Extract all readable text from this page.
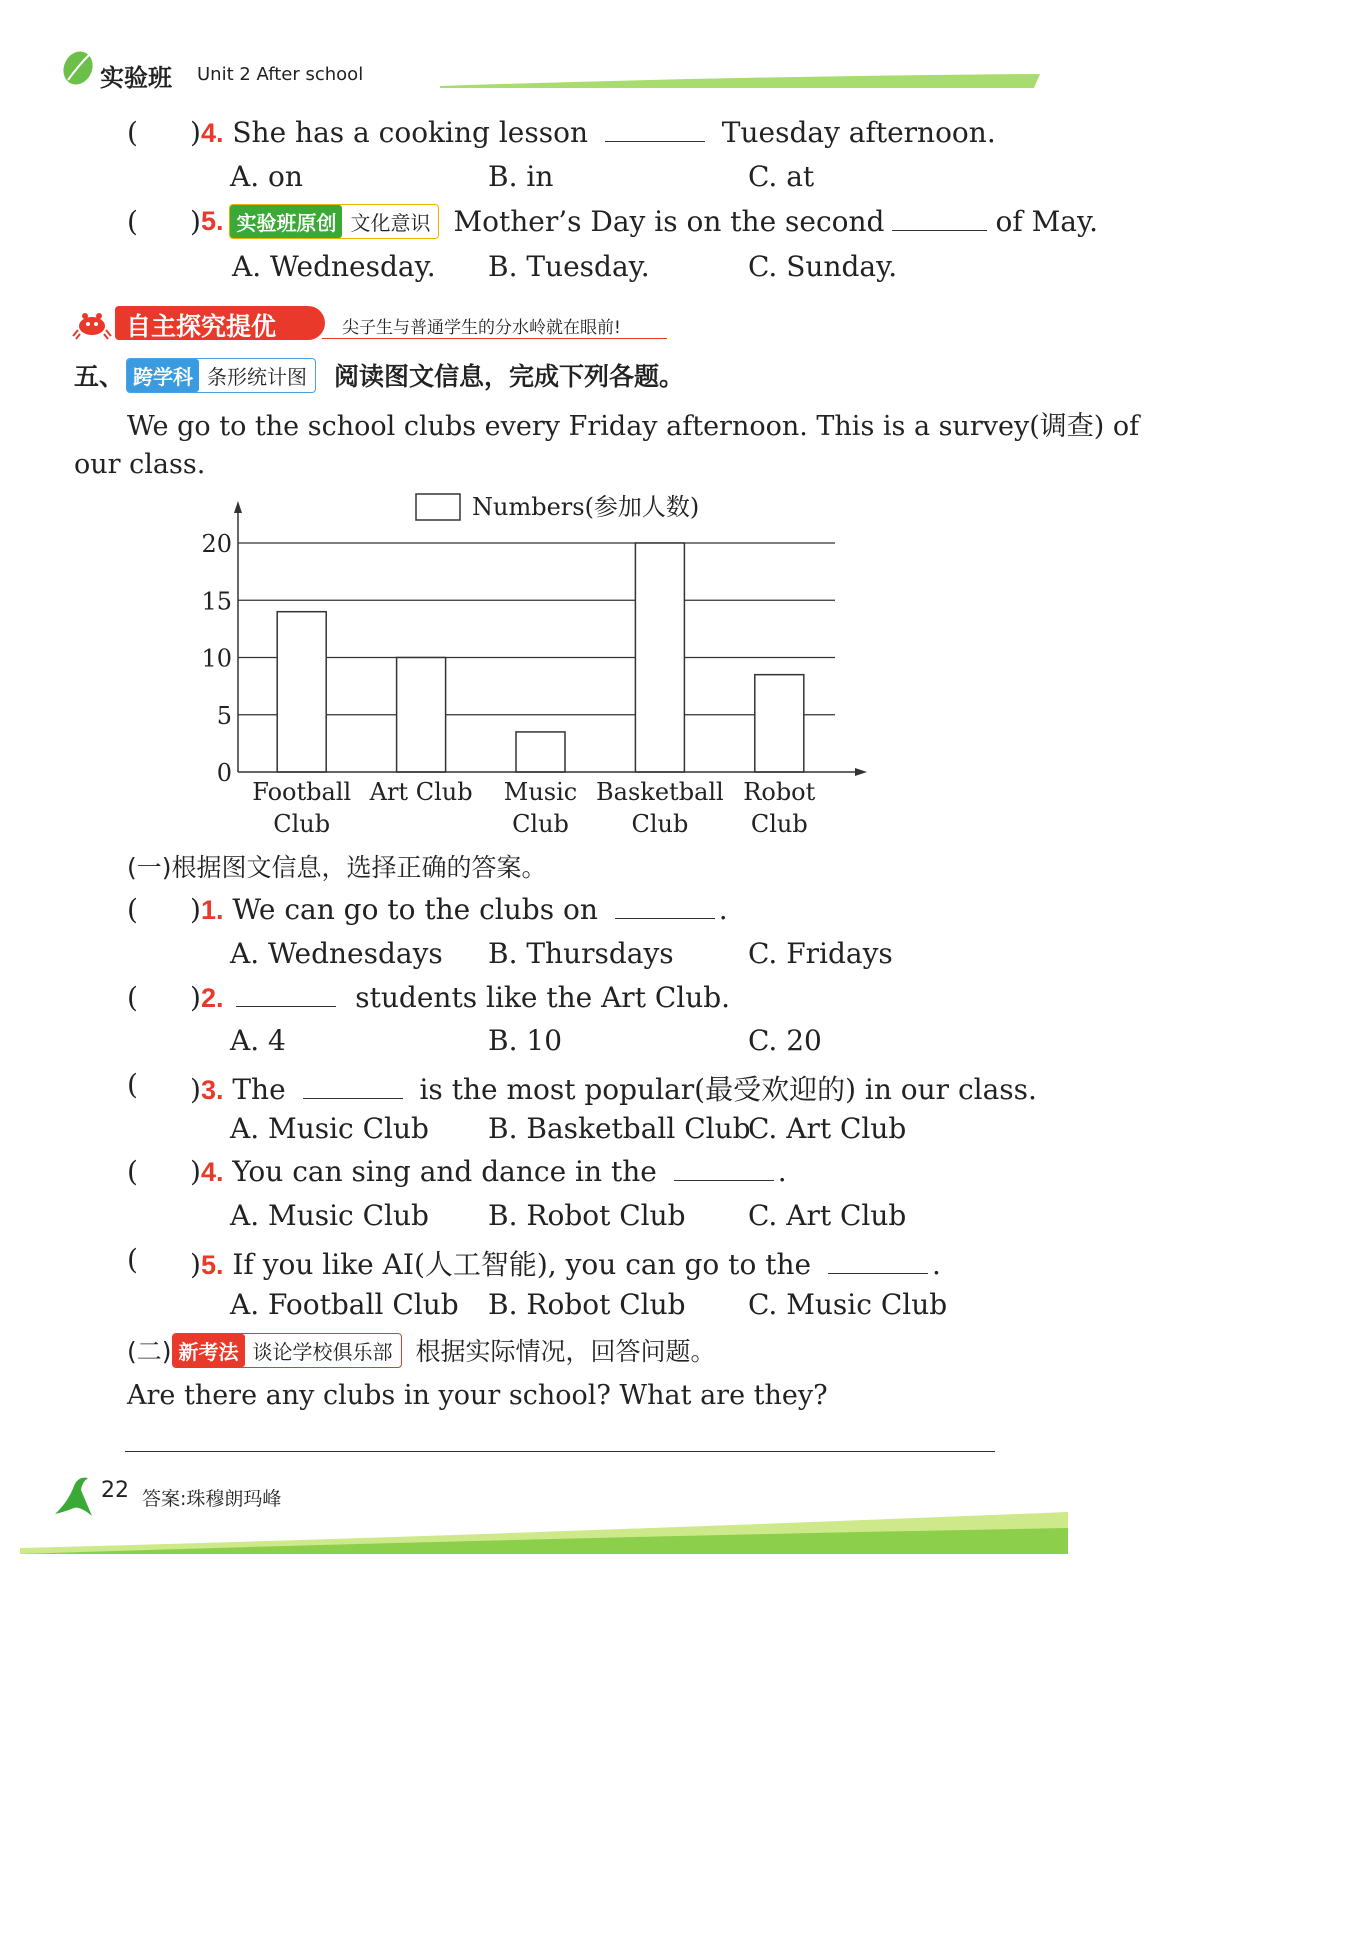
实验班 Unit 2 After school
( )4. She has a cooking lesson	Tuesday afternoon.
A. on	B. in	C. at
( ) 5. 实验班原创 文化意识 Mother’s Day is on the second	of May.
A. Wednesday. B. Tuesday.	C. Sunday.
自主探究提优	尖子生与普通学生的分水岭就在眼前!
五、 跨学科 条形统计图	阅读图文信息，完成下列各题。
We go to the school clubs every Friday afternoon. This is a survey(调查) of
our class.
Numbers(参加人数)
0
5
10
15
20
Football
Club
Art Club Music
Club
Basketball
Club
Robot
Club
(一)根据图文信息，选择正确的答案。
( )1. We can go to the clubs on	.
A. Wednesdays B. Thursdays	C. Fridays
( )2.	students like the Art Club.
A. 4	B. 10	C. 20
( )3. The	is the most popular(最受欢迎的) in our class.
A. Music Club B. Basketball Club
C. Art Club
( )4. You can sing and dance in the	.
A. Music Club B. Robot Club C. Art Club
( )5. If you like AI(人工智能), you can go to the	.
A. Football Club B. Robot Club C. Music Club
(二) 新考法 谈论学校俱乐部 根据实际情况，回答问题。
Are there any clubs in your school? What are they?
22 答案:珠穆朗玛峰
